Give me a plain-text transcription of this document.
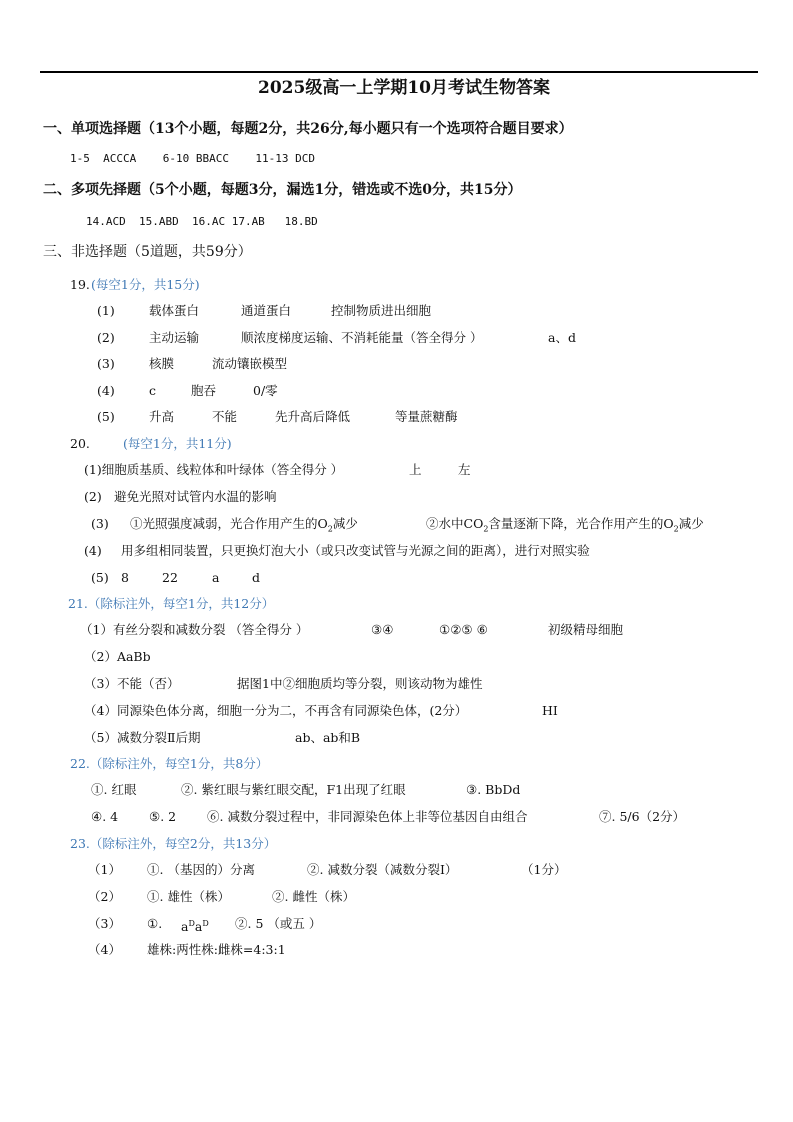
2025级高一上学期10月考试生物答案
一、单项选择题（13个小题，每题2分，共26分,每小题只有一个选项符合题目要求）
1-5  ACCCA    6-10 BBACC    11-13 DCD
二、多项先择题（5个小题，每题3分，漏选1分，错选或不选0分，共15分）
14.ACD  15.ABD  16.AC 17.AB   18.BD
三、非选择题（5道题，共59分）
19. (每空1分，共15分)
(1)	载体蛋白	通道蛋白	控制物质进出细胞
(2)	主动运输	顺浓度梯度运输、不消耗能量（答全得分 ）	a、d
(3)	核膜	流动镶嵌模型
(4)	c	胞吞	0/零
(5)	升高	不能	先升高后降低	等量蔗糖酶
20.	(每空1分，共11分)
(1)细胞质基质、线粒体和叶绿体（答全得分 ）	上	左
(2) 避免光照对试管内水温的影响
(3) ①光照强度减弱，光合作用产生的$O_2$减少	②水中$CO_2$含量逐渐下降，光合作用产生的$O_2$减少
(4) 用多组相同装置，只更换灯泡大小（或只改变试管与光源之间的距离），进行对照实验
(5) 8	22	a	d
21.（除标注外，每空1分，共12分）
（1）有丝分裂和减数分裂 （答全得分 ）	③④	①②⑤ ⑥	初级精母细胞
（2）AaBb
（3）不能（否）	据图1中②细胞质均等分裂，则该动物为雄性
（4）同源染色体分离，细胞一分为二，不再含有同源染色体，(2分）	HI
（5）减数分裂Ⅱ后期	ab、ab和B
22.（除标注外，每空1分，共8分）
①. 红眼	②. 紫红眼与紫红眼交配，F1出现了红眼	③. BbDd
④. 4 ⑤. 2 ⑥. 减数分裂过程中，非同源染色体上非等位基因自由组合	⑦. 5/6（2分）
23.（除标注外，每空2分，共13分）
（1） ①. （基因的）分离	②. 减数分裂（减数分裂Ⅰ）	（1分）
（2） ①. 雄性（株）	②. 雌性（株）
（3） ①. $a^Da^D$ ②. 5 （或五 ）
（4） 雄株:两性株:雌株=4:3:1
